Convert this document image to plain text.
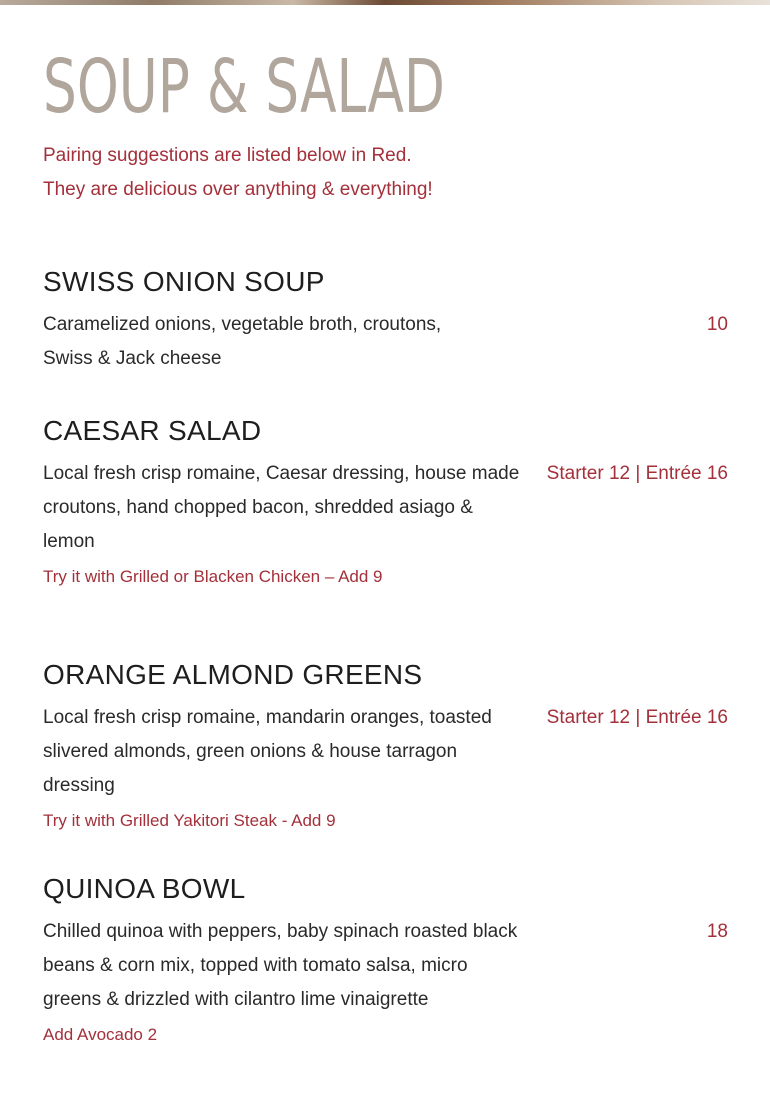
SOUP & SALAD
Pairing suggestions are listed below in Red.
They are delicious over anything & everything!
SWISS ONION SOUP
Caramelized onions, vegetable broth, croutons, Swiss & Jack cheese
10
CAESAR SALAD
Local fresh crisp romaine, Caesar dressing, house made croutons, hand chopped bacon, shredded asiago & lemon
Starter 12 | Entrée 16
Try it with Grilled or Blacken Chicken – Add 9
ORANGE ALMOND GREENS
Local fresh crisp romaine, mandarin oranges, toasted slivered almonds, green onions & house tarragon dressing
Starter 12 | Entrée 16
Try it with Grilled Yakitori Steak - Add 9
QUINOA BOWL
Chilled quinoa with peppers, baby spinach roasted black beans & corn mix, topped with tomato salsa, micro greens & drizzled with cilantro lime vinaigrette
18
Add Avocado 2
